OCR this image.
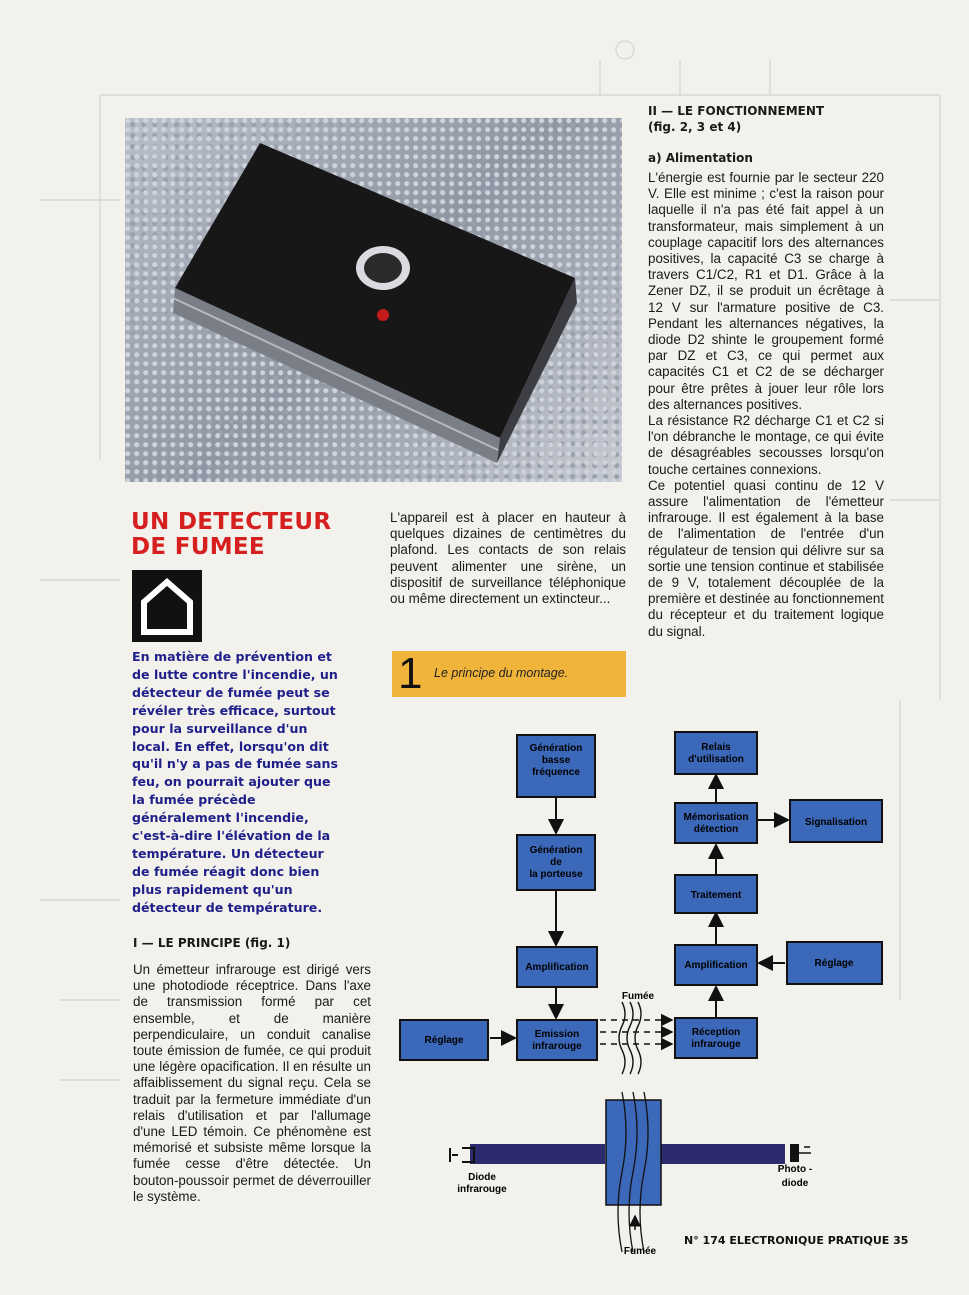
UN DETECTEUR
DE FUMEE
En matière de prévention et de lutte contre l'incendie, un détecteur de fumée peut se révéler très efficace, surtout pour la surveillance d'un local. En effet, lorsqu'on dit qu'il n'y a pas de fumée sans feu, on pourrait ajouter que la fumée précède généralement l'incendie, c'est-à-dire l'élévation de la température. Un détecteur de fumée réagit donc bien plus rapidement qu'un détecteur de température.
I — LE PRINCIPE (fig. 1)

Un émetteur infrarouge est dirigé vers une photodiode réceptrice. Dans l'axe de transmission formé par cet ensemble, et de manière perpendiculaire, un conduit canalise toute émission de fumée, ce qui produit une légère opacification. Il en résulte un affaiblissement du signal reçu. Cela se traduit par la fermeture immédiate d'un relais d'utilisation et par l'allumage d'une LED témoin. Ce phénomène est mémorisé et subsiste même lorsque la fumée cesse d'être détectée. Un bouton-poussoir permet de déverrouiller le système.

L'appareil est à placer en hauteur à quelques dizaines de centimètres du plafond. Les contacts de son relais peuvent alimenter une sirène, un dispositif de surveillance téléphonique ou même directement un extincteur...

1 Le principe du montage.
II — LE FONCTIONNEMENT
(fig. 2, 3 et 4)
a) Alimentation

L'énergie est fournie par le secteur 220 V. Elle est minime ; c'est la raison pour laquelle il n'a pas été fait appel à un transformateur, mais simplement à un couplage capacitif lors des alternances positives, la capacité C3 se charge à travers C1/C2, R1 et D1. Grâce à la Zener DZ, il se produit un écrêtage à 12 V sur l'armature positive de C3. Pendant les alternances négatives, la diode D2 shinte le groupement formé par DZ et C3, ce qui permet aux capacités C1 et C2 de se décharger pour être prêtes à jouer leur rôle lors des alternances positives.

La résistance R2 décharge C1 et C2 si l'on débranche le montage, ce qui évite de désagréables secousses lorsqu'on touche certaines connexions.

Ce potentiel quasi continu de 12 V assure l'alimentation de l'émetteur infrarouge. Il est également à la base de l'alimentation de l'entrée d'un régulateur de tension qui délivre sur sa sortie une tension continue et stabilisée de 9 V, totalement découplée de la première et destinée au fonctionnement du récepteur et du traitement logique du signal.

Génération
basse
fréquence
Génération
de
la porteuse
Amplification
Réglage
Emission
infrarouge
Relais
d'utilisation
Mémorisation
détection
Signalisation
Traitement
Amplification	Réglage
Réception
infrarouge
Fumée
Diode
infrarouge
Photo -
diode
Fumée
N° 174 ELECTRONIQUE PRATIQUE 35
